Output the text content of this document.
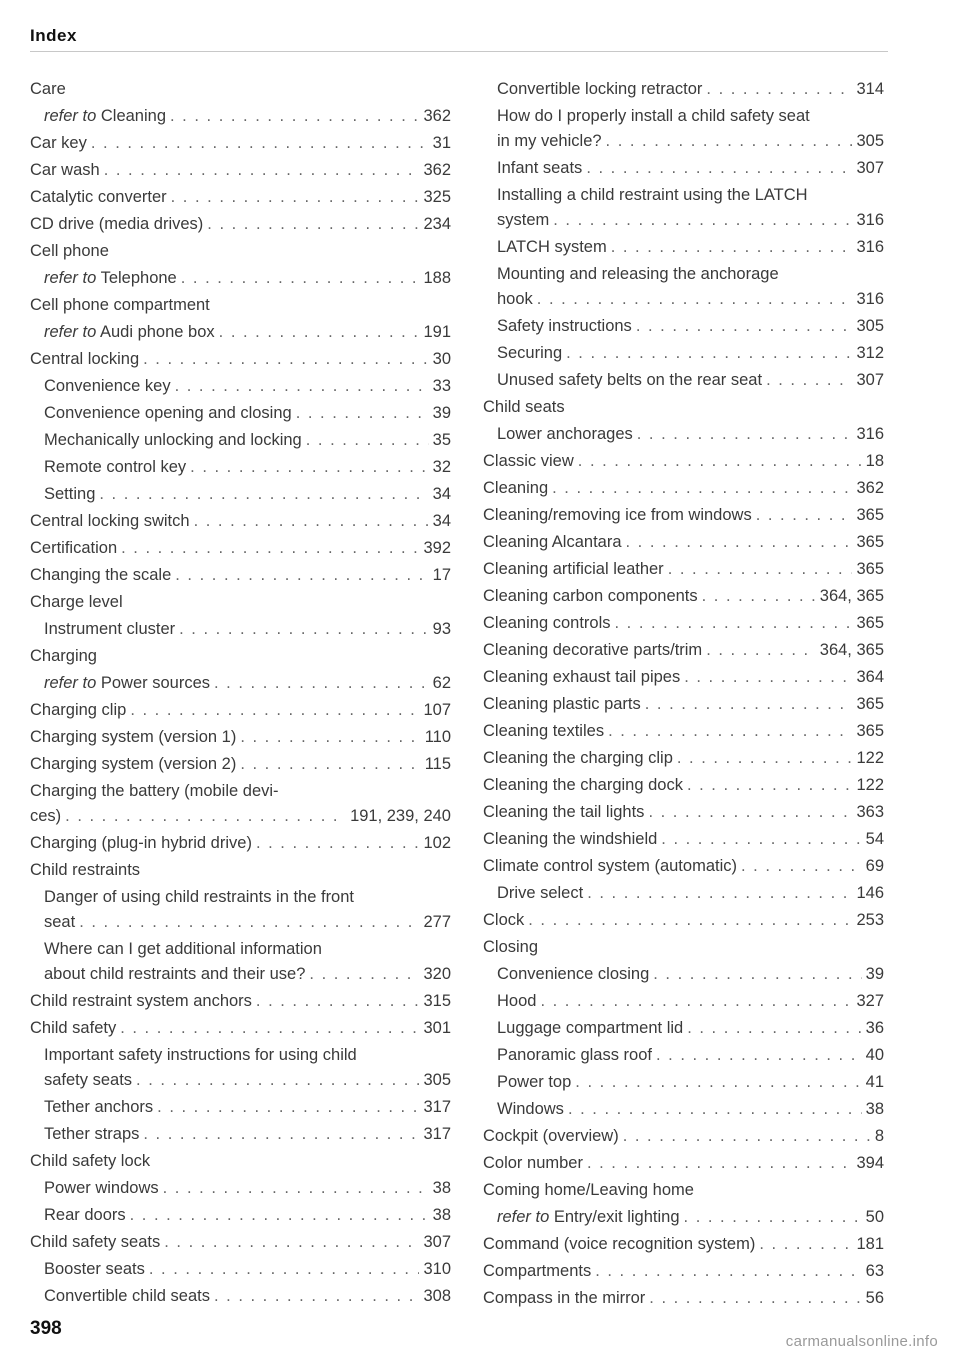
Index
Care
refer to Cleaning . . .	362
Car key . . .	31
Car wash . . .	362
Catalytic converter . . .	325
CD drive (media drives) . . .	234
Cell phone
refer to Telephone . . .	188
Cell phone compartment
refer to Audi phone box . . .	191
Central locking . . .	30
Convenience key . . .	33
Convenience opening and closing . . .	39
Mechanically unlocking and locking . . .	35
Remote control key . . .	32
Setting . . .	34
Central locking switch . . .	34
Certification . . .	392
Changing the scale . . .	17
Charge level
Instrument cluster . . .	93
Charging
refer to Power sources . . .	62
Charging clip . . .	107
Charging system (version 1) . . .	110
Charging system (version 2) . . .	115
Charging the battery (mobile devi-
ces) . . .	191, 239, 240
Charging (plug-in hybrid drive) . . .	102
Child restraints
Danger of using child restraints in the front
seat . . .	277
Where can I get additional information
about child restraints and their use? . . .	320
Child restraint system anchors . . .	315
Child safety . . .	301
Important safety instructions for using child
safety seats . . .	305
Tether anchors . . .	317
Tether straps . . .	317
Child safety lock
Power windows . . .	38
Rear doors . . .	38
Child safety seats . . .	307
Booster seats . . .	310
Convertible child seats . . .	308
Convertible locking retractor . . .	314
How do I properly install a child safety seat
in my vehicle? . . .	305
Infant seats . . .	307
Installing a child restraint using the LATCH
system . . .	316
LATCH system . . .	316
Mounting and releasing the anchorage
hook . . .	316
Safety instructions . . .	305
Securing . . .	312
Unused safety belts on the rear seat . . .	307
Child seats
Lower anchorages . . .	316
Classic view . . .	18
Cleaning . . .	362
Cleaning/removing ice from windows . . .	365
Cleaning Alcantara . . .	365
Cleaning artificial leather . . .	365
Cleaning carbon components . . .	364, 365
Cleaning controls . . .	365
Cleaning decorative parts/trim . . .	364, 365
Cleaning exhaust tail pipes . . .	364
Cleaning plastic parts . . .	365
Cleaning textiles . . .	365
Cleaning the charging clip . . .	122
Cleaning the charging dock . . .	122
Cleaning the tail lights . . .	363
Cleaning the windshield . . .	54
Climate control system (automatic) . . .	69
Drive select . . .	146
Clock . . .	253
Closing
Convenience closing . . .	39
Hood . . .	327
Luggage compartment lid . . .	36
Panoramic glass roof . . .	40
Power top . . .	41
Windows . . .	38
Cockpit (overview) . . .	8
Color number . . .	394
Coming home/Leaving home
refer to Entry/exit lighting . . .	50
Command (voice recognition system) . . .	181
Compartments . . .	63
Compass in the mirror . . .	56
398
carmanualsonline.info
